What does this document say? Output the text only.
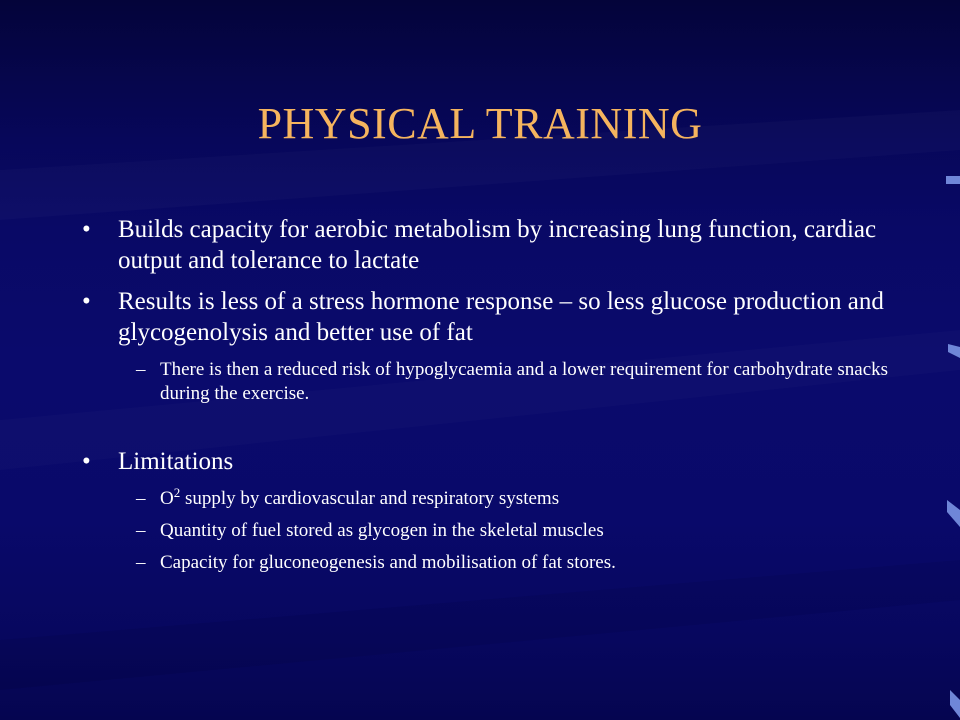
PHYSICAL TRAINING
• Builds capacity for aerobic metabolism by increasing lung function, cardiac output and tolerance to lactate
• Results is less of a stress hormone response – so less glucose production and glycogenolysis and better use of fat
– There is then a reduced risk of hypoglycaemia and a lower requirement for carbohydrate snacks during the exercise.
• Limitations
– $O^2$ supply by cardiovascular and respiratory systems
– Quantity of fuel stored as glycogen in the skeletal muscles
– Capacity for gluconeogenesis and mobilisation of fat stores.
